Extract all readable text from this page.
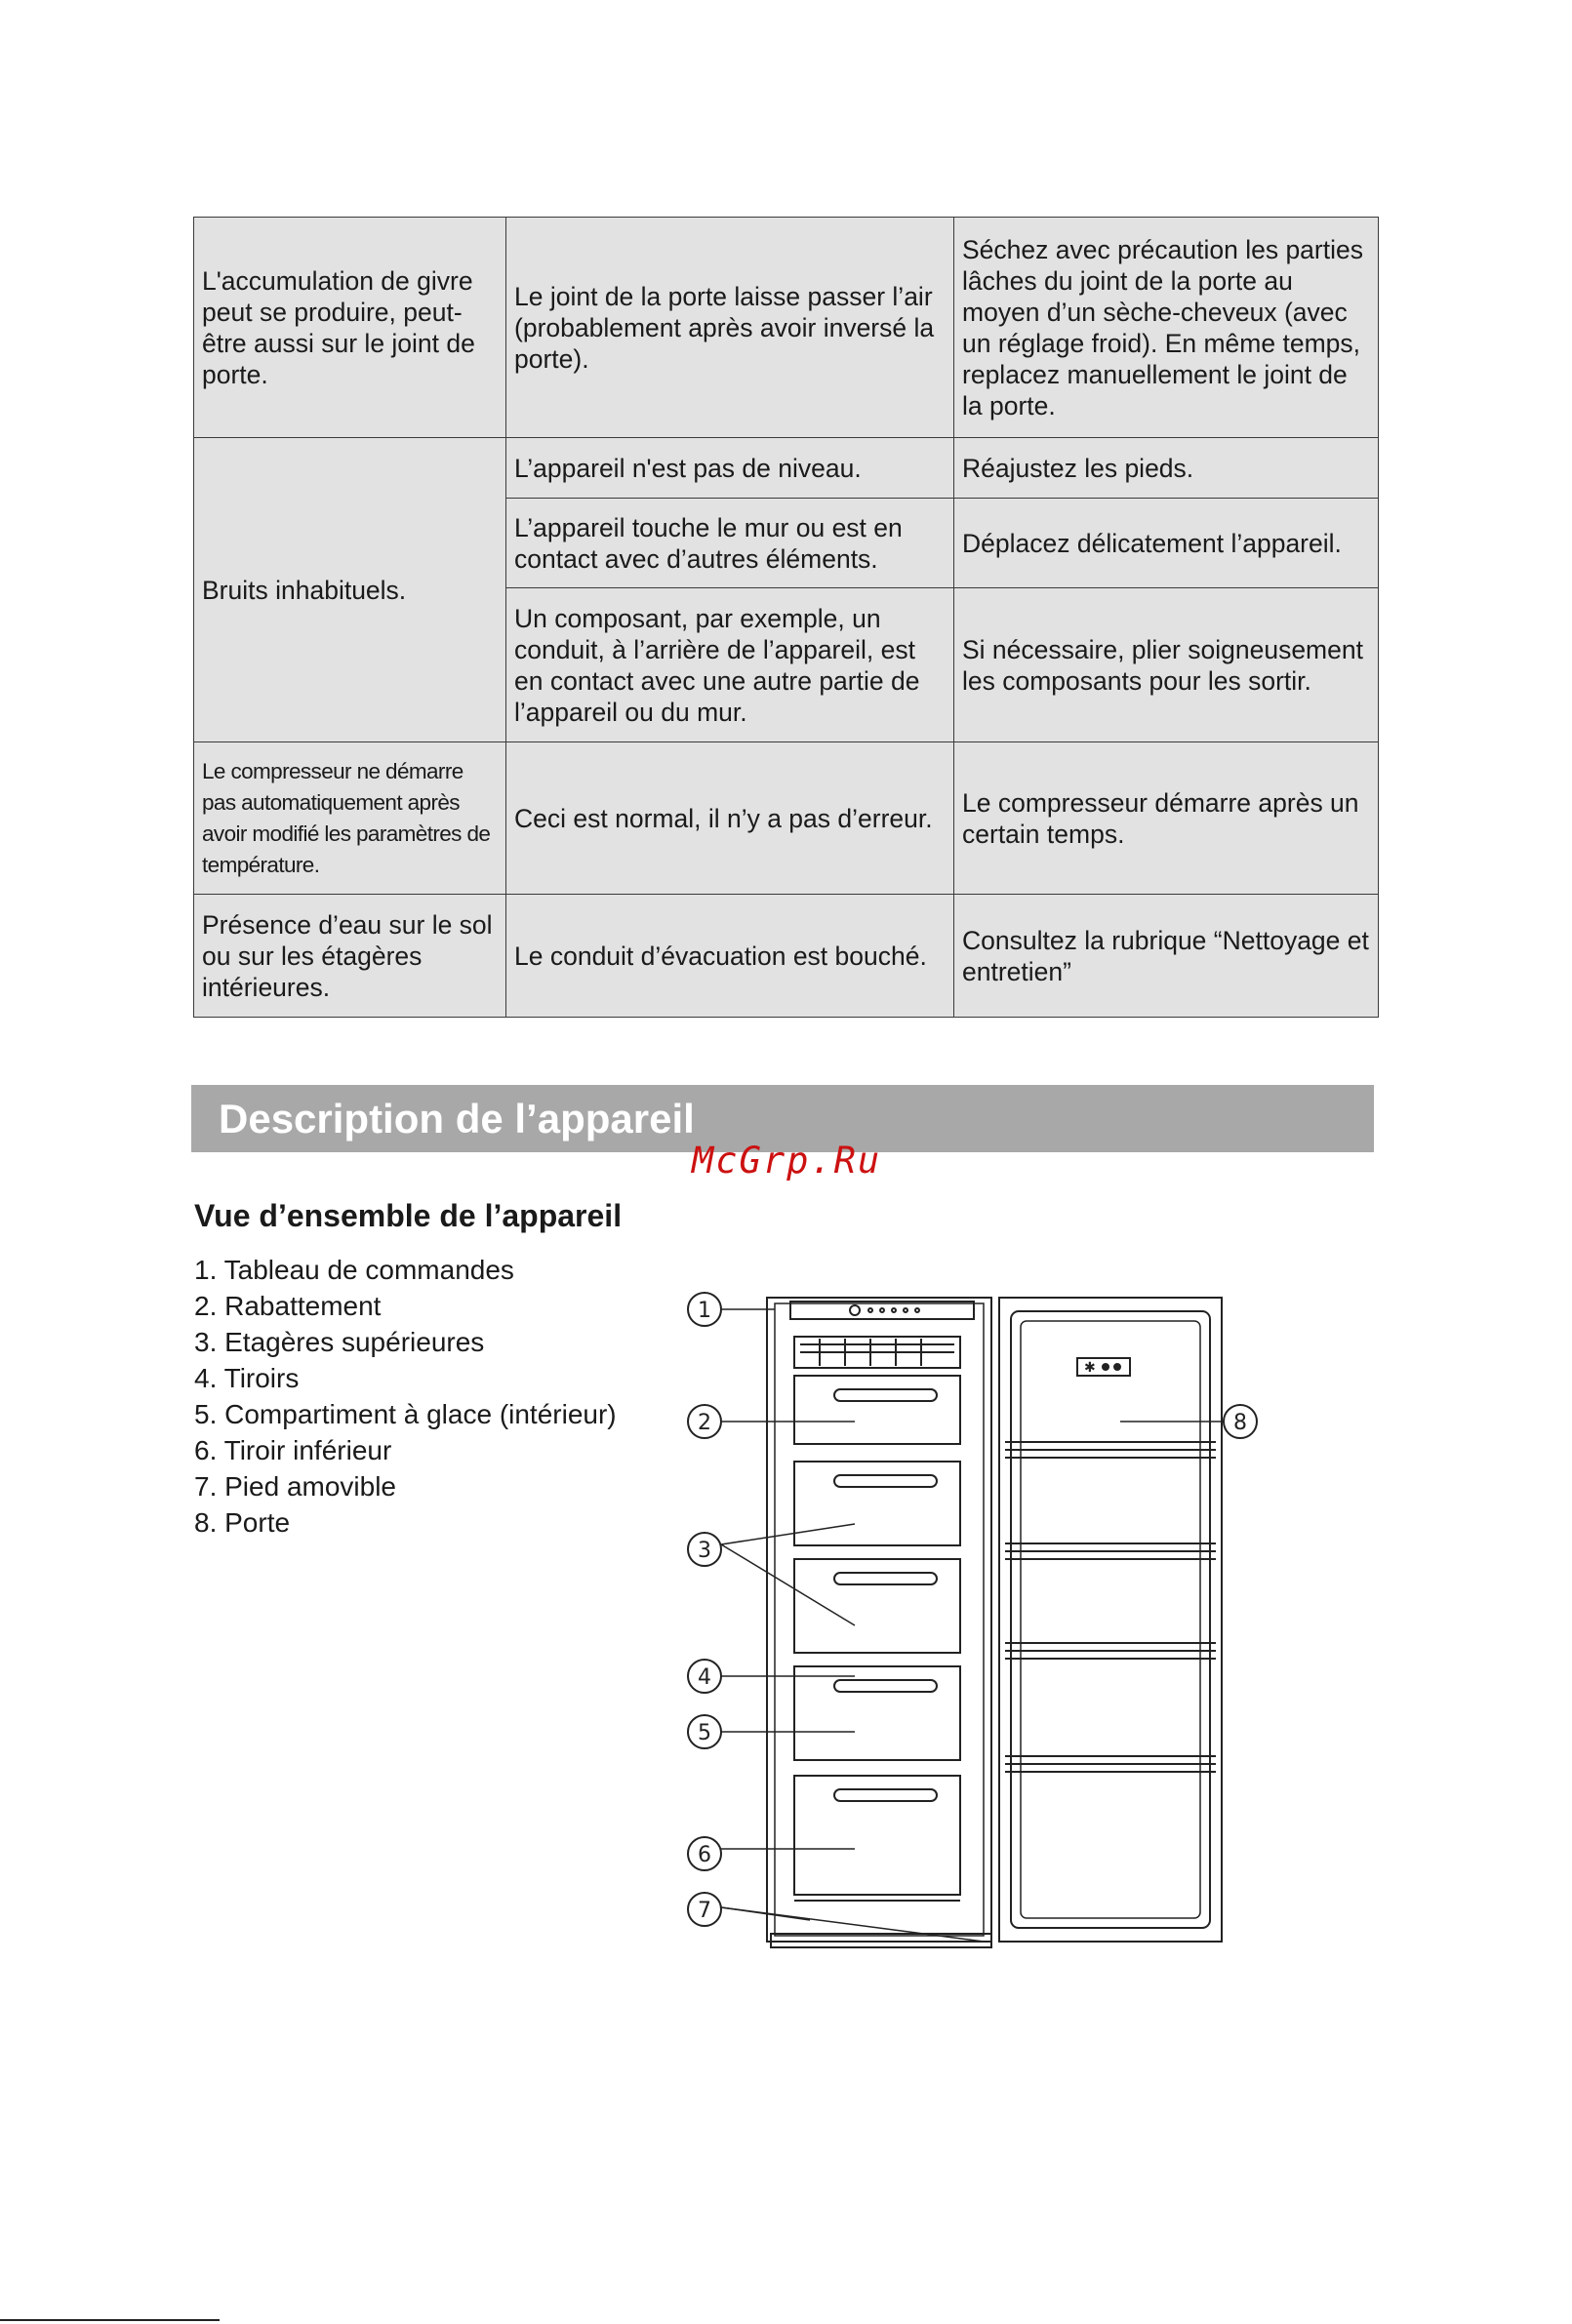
L'accumulation de givre peut se produire, peut-être aussi sur le joint de porte.	Le joint de la porte laisse passer l’air (probablement après avoir inversé la porte).	Séchez avec précaution les parties lâches du joint de la porte au moyen d’un sèche-cheveux (avec un réglage froid). En même temps, replacez manuellement le joint de la porte.
Bruits inhabituels.	L’appareil n'est pas de niveau.	Réajustez les pieds.
	L’appareil touche le mur ou est en contact avec d’autres éléments.	Déplacez délicatement l’appareil.
	Un composant, par exemple, un conduit, à l’arrière de l’appareil, est en contact avec une autre partie de l’appareil ou du mur.	Si nécessaire, plier soigneusement les composants pour les sortir.
Le compresseur ne démarre pas automatiquement après avoir modifié les paramètres de température.	Ceci est normal, il n’y a pas d’erreur.	Le compresseur démarre après un certain temps.
Présence d’eau sur le sol ou sur les étagères intérieures.	Le conduit d’évacuation est bouché.	Consultez la rubrique “Nettoyage et entretien”
Description de l’appareil
McGrp.Ru
Vue d’ensemble de l’appareil
1. Tableau de commandes
2. Rabattement
3. Etagères supérieures
4. Tiroirs
5. Compartiment à glace (intérieur)
6. Tiroir inférieur
7. Pied amovible
8. Porte
✱
1
2
3
4
5
6
7
8
